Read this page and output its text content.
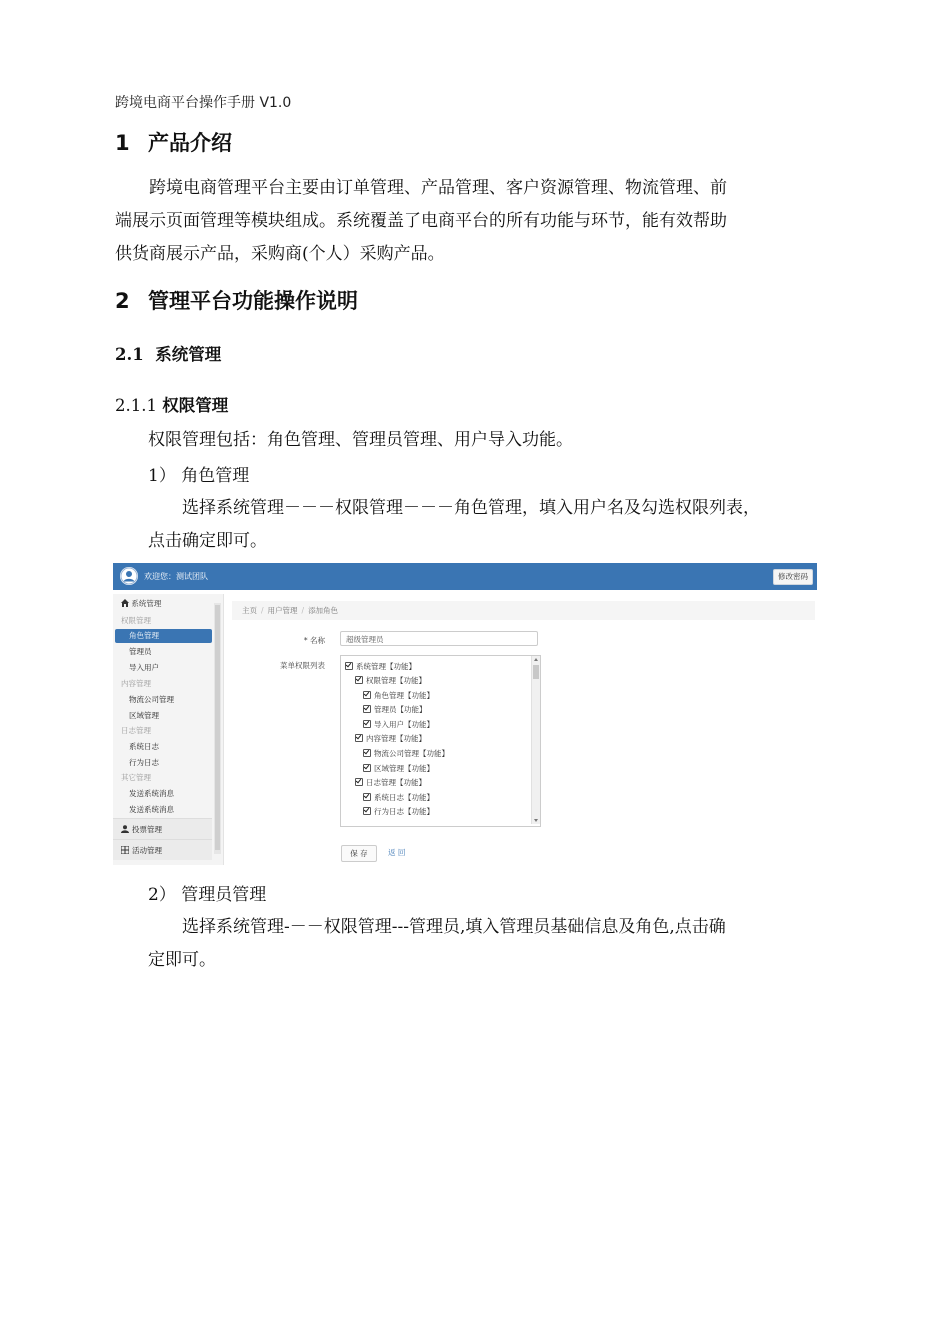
跨境电商平台操作手册 V1.0
1 产品介绍
跨境电商管理平台主要由订单管理、产品管理、客户资源管理、物流管理、前
端展示页面管理等模块组成。系统覆盖了电商平台的所有功能与环节，能有效帮助
供货商展示产品，采购商(个人）采购产品。
2 管理平台功能操作说明
2.1 系统管理
2.1.1 权限管理
权限管理包括：角色管理、管理员管理、用户导入功能。
1） 角色管理
选择系统管理－－－权限管理－－－角色管理，填入用户名及勾选权限列表，
点击确定即可。
欢迎您：测试团队	修改密码
系统管理
权限管理
角色管理
管理员
导入用户
内容管理
物流公司管理
区域管理
日志管理
系统日志
行为日志
其它管理
发送系统消息
发送系统消息
投票管理
活动管理
主页 / 用户管理 / 添加角色
* 名称	超级管理员
菜单权限列表	系统管理【功能】
权限管理【功能】
角色管理【功能】
管理员【功能】
导入用户【功能】
内容管理【功能】
物流公司管理【功能】
区域管理【功能】
日志管理【功能】
系统日志【功能】
行为日志【功能】
保 存	返 回
2） 管理员管理
选择系统管理-－－权限管理---管理员,填入管理员基础信息及角色,点击确
定即可。
